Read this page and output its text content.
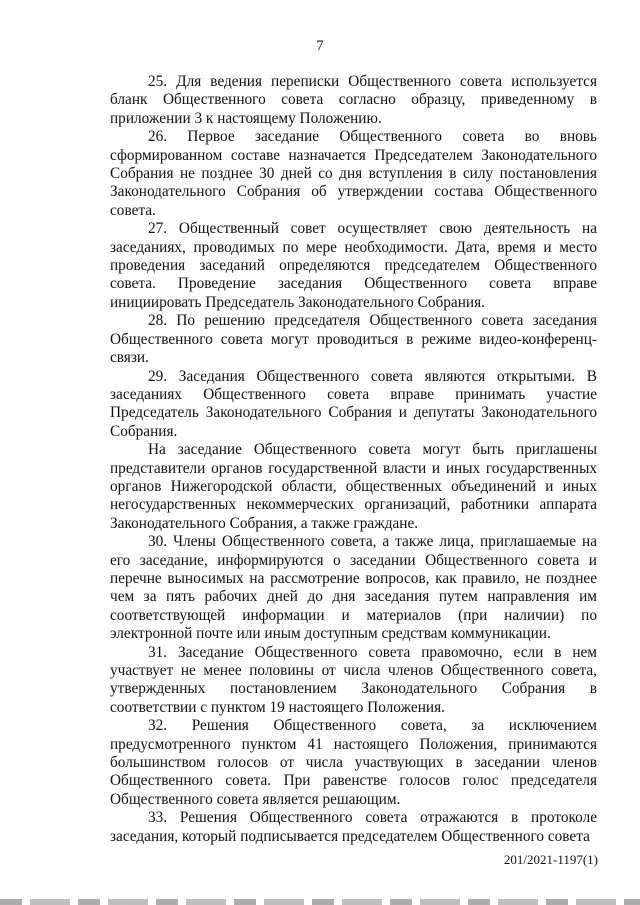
7

25. Для ведения переписки Общественного совета используется бланк Общественного совета согласно образцу, приведенному в приложении 3 к настоящему Положению.

26. Первое заседание Общественного совета во вновь сформированном составе назначается Председателем Законодательного Собрания не позднее 30 дней со дня вступления в силу постановления Законодательного Собрания об утверждении состава Общественного совета.

27. Общественный совет осуществляет свою деятельность на заседаниях, проводимых по мере необходимости. Дата, время и место проведения заседаний определяются председателем Общественного совета. Проведение заседания Общественного совета вправе инициировать Председатель Законодательного Собрания.

28. По решению председателя Общественного совета заседания Общественного совета могут проводиться в режиме видео-конференц-связи.

29. Заседания Общественного совета являются открытыми. В заседаниях Общественного совета вправе принимать участие Председатель Законодательного Собрания и депутаты Законодательного Собрания.

На заседание Общественного совета могут быть приглашены представители органов государственной власти и иных государственных органов Нижегородской области, общественных объединений и иных негосударственных некоммерческих организаций, работники аппарата Законодательного Собрания, а также граждане.

30. Члены Общественного совета, а также лица, приглашаемые на его заседание, информируются о заседании Общественного совета и перечне выносимых на рассмотрение вопросов, как правило, не позднее чем за пять рабочих дней до дня заседания путем направления им соответствующей информации и материалов (при наличии) по электронной почте или иным доступным средствам коммуникации.

31. Заседание Общественного совета правомочно, если в нем участвует не менее половины от числа членов Общественного совета, утвержденных постановлением Законодательного Собрания в соответствии с пунктом 19 настоящего Положения.

32. Решения Общественного совета, за исключением предусмотренного пунктом 41 настоящего Положения, принимаются большинством голосов от числа участвующих в заседании членов Общественного совета. При равенстве голосов голос председателя Общественного совета является решающим.

33. Решения Общественного совета отражаются в протоколе заседания, который подписывается председателем Общественного совета

201/2021-1197(1)
